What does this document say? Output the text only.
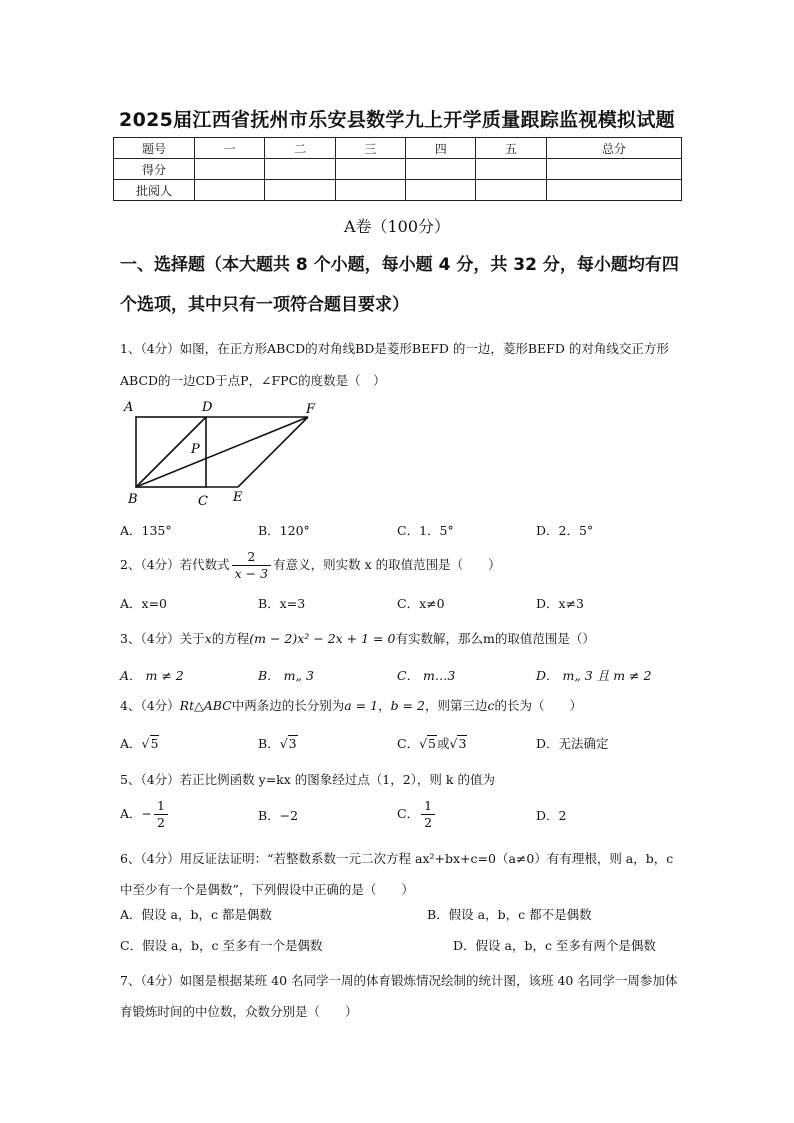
2025届江西省抚州市乐安县数学九上开学质量跟踪监视模拟试题
题号	一	二	三	四	五	总分
得分						
批阅人						
A卷（100分）
一、选择题（本大题共 8 个小题，每小题 4 分，共 32 分，每小题均有四个选项，其中只有一项符合题目要求）
1、（4分）如图，在正方形ABCD的对角线BD是菱形BEFD 的一边，菱形BEFD 的对角线交正方形ABCD的一边CD于点P，∠FPC的度数是（　）
A	D	F
P
B	C E
A．135°	B．120°	C．1．5°	D．2．5°
2、（4分）若代数式 $\frac{2}{x - 3}$ 有意义，则实数 x 的取值范围是（　　）
A．x=0	B．x=3	C．x≠0	D．x≠3
3、（4分）关于x的方程(m − 2)x² − 2x + 1 = 0有实数解，那么m的取值范围是（）
A． m ≠ 2	B． m„ 3	C． m…3	D． m„ 3 且 m ≠ 2
4、（4分）Rt△ABC中两条边的长分别为a = 1，b = 2，则第三边c的长为（　　）
A．√5	B．√3	C．√5或√3	D．无法确定
5、（4分）若正比例函数 y=kx 的图象经过点（1，2），则 k 的值为
A．− $\frac{1}{2}$	B．−2	C． $\frac{1}{2}$	D．2
6、（4分）用反证法证明：“若整数系数一元二次方程 ax²+bx+c=0（a≠0）有有理根，则 a，b，c 中至少有一个是偶数”，下列假设中正确的是（　　）
A．假设 a，b，c 都是偶数	B．假设 a，b，c 都不是偶数
C．假设 a，b，c 至多有一个是偶数	D．假设 a，b，c 至多有两个是偶数
7、（4分）如图是根据某班 40 名同学一周的体育锻炼情况绘制的统计图，该班 40 名同学一周参加体育锻炼时间的中位数，众数分别是（　　）
